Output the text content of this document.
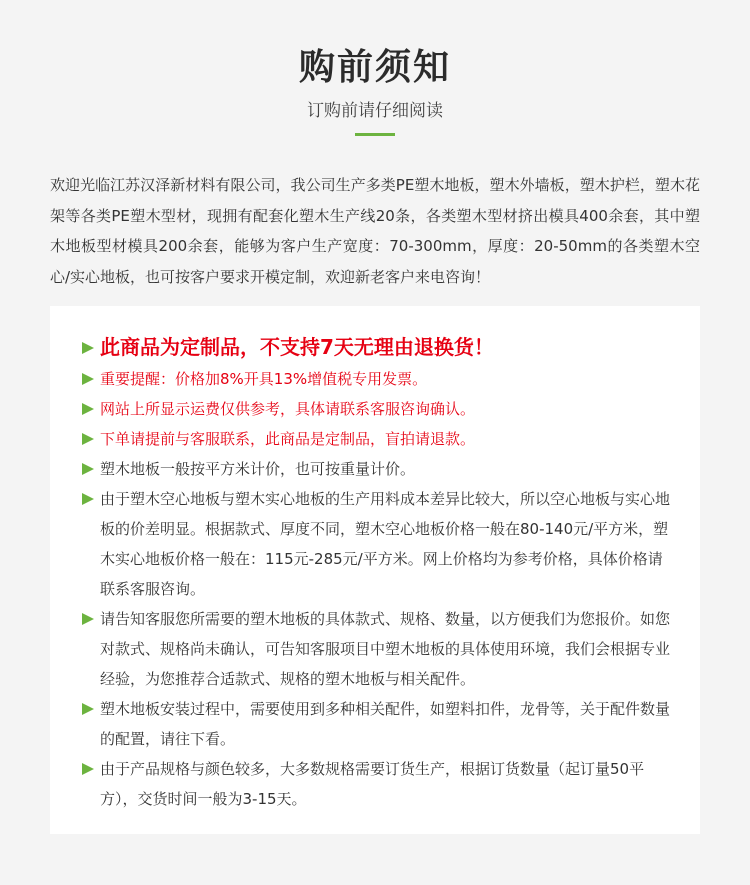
购前须知
订购前请仔细阅读
欢迎光临江苏汉泽新材料有限公司，我公司生产多类PE塑木地板，塑木外墙板，塑木护栏，塑木花架等各类PE塑木型材，现拥有配套化塑木生产线20条，各类塑木型材挤出模具400余套，其中塑木地板型材模具200余套，能够为客户生产宽度：70-300mm，厚度：20-50mm的各类塑木空心/实心地板，也可按客户要求开模定制，欢迎新老客户来电咨询！
此商品为定制品，不支持7天无理由退换货！
重要提醒：价格加8%开具13%增值税专用发票。
网站上所显示运费仅供参考，具体请联系客服咨询确认。
下单请提前与客服联系，此商品是定制品，盲拍请退款。
塑木地板一般按平方米计价，也可按重量计价。
由于塑木空心地板与塑木实心地板的生产用料成本差异比较大，所以空心地板与实心地板的价差明显。根据款式、厚度不同，塑木空心地板价格一般在80-140元/平方米，塑木实心地板价格一般在：115元-285元/平方米。网上价格均为参考价格，具体价格请联系客服咨询。
请告知客服您所需要的塑木地板的具体款式、规格、数量，以方便我们为您报价。如您对款式、规格尚未确认，可告知客服项目中塑木地板的具体使用环境，我们会根据专业经验，为您推荐合适款式、规格的塑木地板与相关配件。
塑木地板安装过程中，需要使用到多种相关配件，如塑料扣件，龙骨等，关于配件数量的配置，请往下看。
由于产品规格与颜色较多，大多数规格需要订货生产，根据订货数量（起订量50平方），交货时间一般为3-15天。
